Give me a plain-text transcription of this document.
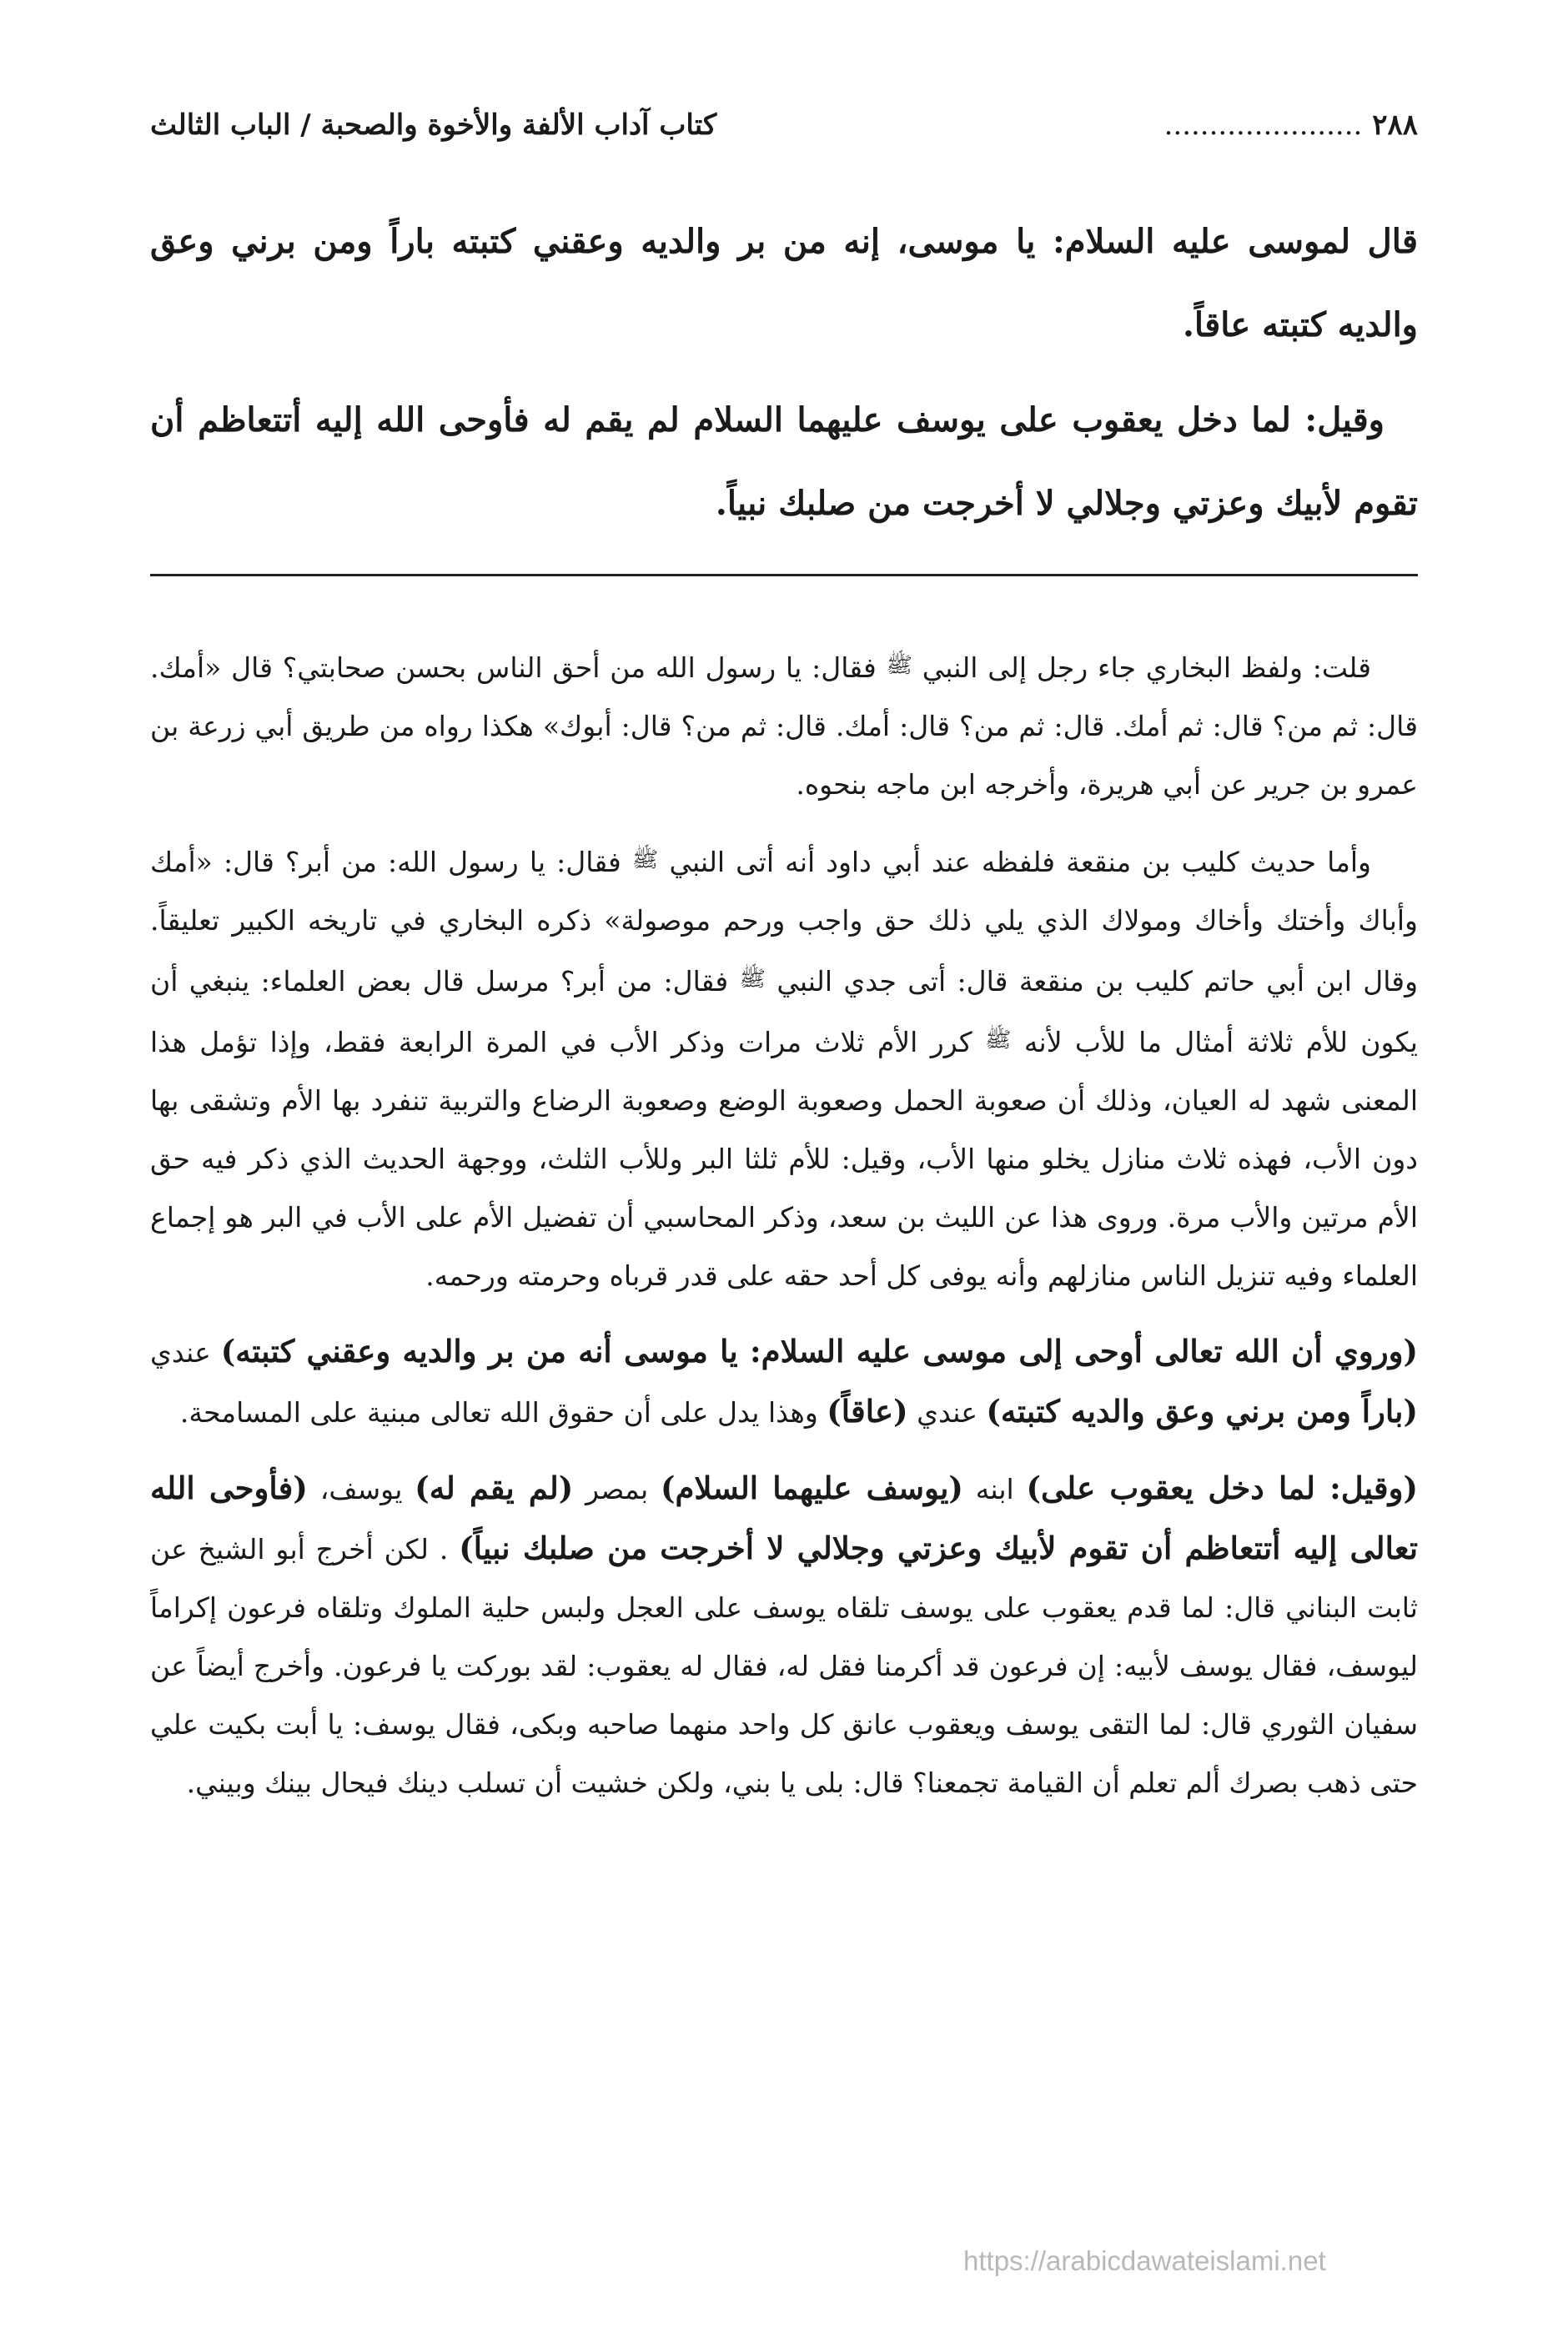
٢٨٨ ......................
كتاب آداب الألفة والأخوة والصحبة / الباب الثالث

قال لموسى عليه السلام: يا موسى، إنه من بر والديه وعقني كتبته باراً ومن برني وعق والديه كتبته عاقاً.

وقيل: لما دخل يعقوب على يوسف عليهما السلام لم يقم له فأوحى الله إليه أتتعاظم أن تقوم لأبيك وعزتي وجلالي لا أخرجت من صلبك نبياً.

قلت: ولفظ البخاري جاء رجل إلى النبي ﷺ فقال: يا رسول الله من أحق الناس بحسن صحابتي؟ قال «أمك. قال: ثم من؟ قال: ثم أمك. قال: ثم من؟ قال: أمك. قال: ثم من؟ قال: أبوك» هكذا رواه من طريق أبي زرعة بن عمرو بن جرير عن أبي هريرة، وأخرجه ابن ماجه بنحوه.

وأما حديث كليب بن منقعة فلفظه عند أبي داود أنه أتى النبي ﷺ فقال: يا رسول الله: من أبر؟ قال: «أمك وأباك وأختك وأخاك ومولاك الذي يلي ذلك حق واجب ورحم موصولة» ذكره البخاري في تاريخه الكبير تعليقاً. وقال ابن أبي حاتم كليب بن منقعة قال: أتى جدي النبي ﷺ فقال: من أبر؟ مرسل قال بعض العلماء: ينبغي أن يكون للأم ثلاثة أمثال ما للأب لأنه ﷺ كرر الأم ثلاث مرات وذكر الأب في المرة الرابعة فقط، وإذا تؤمل هذا المعنى شهد له العيان، وذلك أن صعوبة الحمل وصعوبة الوضع وصعوبة الرضاع والتربية تنفرد بها الأم وتشقى بها دون الأب، فهذه ثلاث منازل يخلو منها الأب، وقيل: للأم ثلثا البر وللأب الثلث، ووجهة الحديث الذي ذكر فيه حق الأم مرتين والأب مرة. وروى هذا عن الليث بن سعد، وذكر المحاسبي أن تفضيل الأم على الأب في البر هو إجماع العلماء وفيه تنزيل الناس منازلهم وأنه يوفى كل أحد حقه على قدر قرباه وحرمته ورحمه.

(وروي أن الله تعالى أوحى إلى موسى عليه السلام: يا موسى أنه من بر والديه وعقني كتبته) عندي (باراً ومن برني وعق والديه كتبته) عندي (عاقاً) وهذا يدل على أن حقوق الله تعالى مبنية على المسامحة.

(وقيل: لما دخل يعقوب على) ابنه (يوسف عليهما السلام) بمصر (لم يقم له) يوسف، (فأوحى الله تعالى إليه أتتعاظم أن تقوم لأبيك وعزتي وجلالي لا أخرجت من صلبك نبياً) . لكن أخرج أبو الشيخ عن ثابت البناني قال: لما قدم يعقوب على يوسف تلقاه يوسف على العجل ولبس حلية الملوك وتلقاه فرعون إكراماً ليوسف، فقال يوسف لأبيه: إن فرعون قد أكرمنا فقل له، فقال له يعقوب: لقد بوركت يا فرعون. وأخرج أيضاً عن سفيان الثوري قال: لما التقى يوسف ويعقوب عانق كل واحد منهما صاحبه وبكى، فقال يوسف: يا أبت بكيت علي حتى ذهب بصرك ألم تعلم أن القيامة تجمعنا؟ قال: بلى يا بني، ولكن خشيت أن تسلب دينك فيحال بينك وبيني.

https://arabicdawateislami.net
